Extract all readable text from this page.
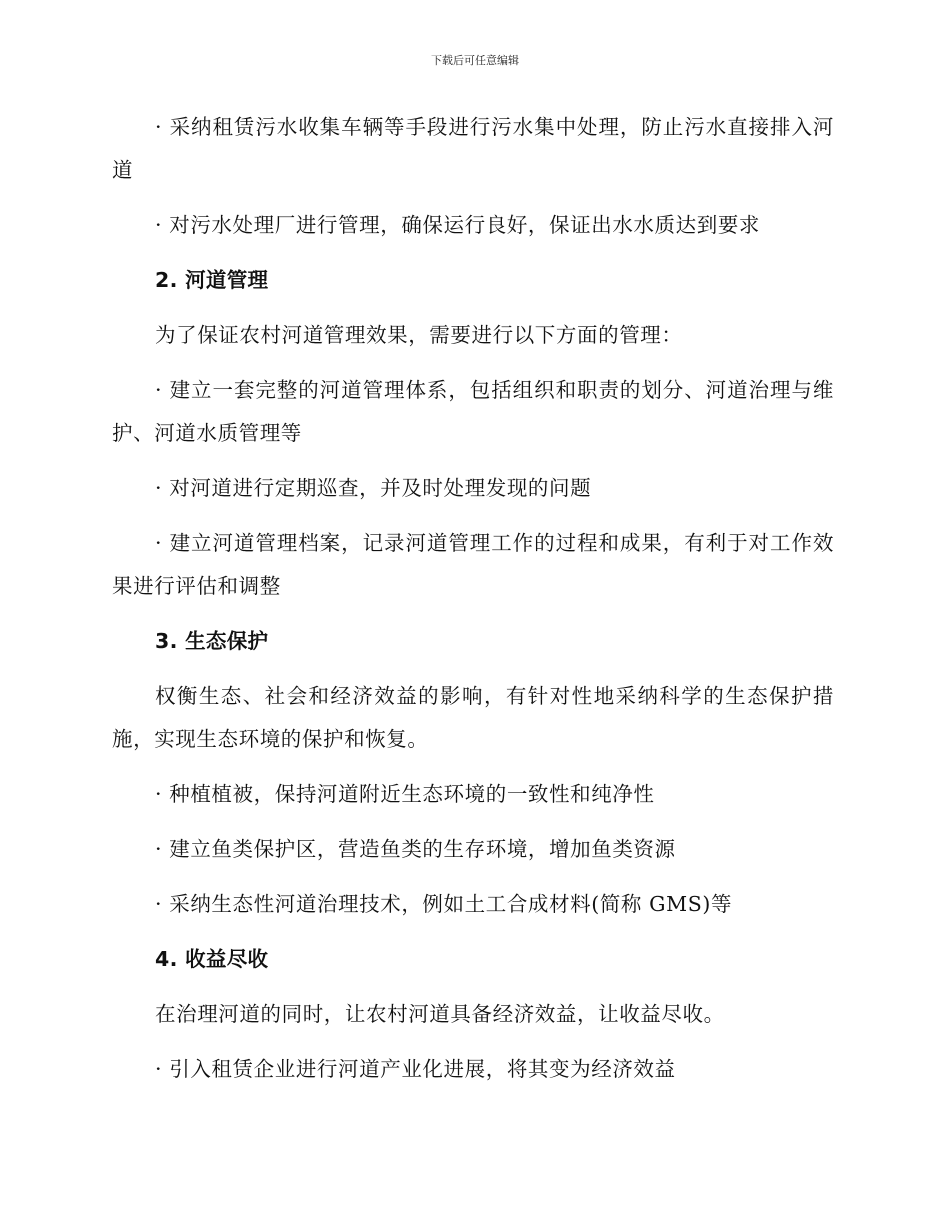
下载后可任意编辑

· 采纳租赁污水收集车辆等手段进行污水集中处理，防止污水直接排入河道

· 对污水处理厂进行管理，确保运行良好，保证出水水质达到要求

2. 河道管理

为了保证农村河道管理效果，需要进行以下方面的管理：

· 建立一套完整的河道管理体系，包括组织和职责的划分、河道治理与维护、河道水质管理等

· 对河道进行定期巡查，并及时处理发现的问题

· 建立河道管理档案，记录河道管理工作的过程和成果，有利于对工作效果进行评估和调整

3. 生态保护

权衡生态、社会和经济效益的影响，有针对性地采纳科学的生态保护措施，实现生态环境的保护和恢复。

· 种植植被，保持河道附近生态环境的一致性和纯净性

· 建立鱼类保护区，营造鱼类的生存环境，增加鱼类资源

· 采纳生态性河道治理技术，例如土工合成材料(简称 GMS)等

4. 收益尽收

在治理河道的同时，让农村河道具备经济效益，让收益尽收。

· 引入租赁企业进行河道产业化进展，将其变为经济效益
